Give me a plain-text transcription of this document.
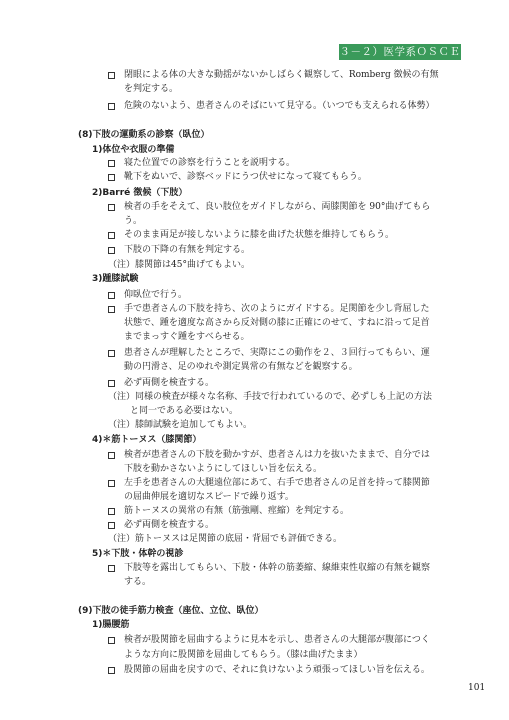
３－２）医学系ＯＳＣＥ
閉眼による体の大きな動揺がないかしばらく観察して、Romberg 徴候の有無
を判定する。
危険のないよう、患者さんのそばにいて見守る。（いつでも支えられる体勢）
(8)下肢の運動系の診察（臥位）
1)体位や衣服の準備
寝た位置での診察を行うことを説明する。
靴下をぬいで、診察ベッドにうつ伏せになって寝てもらう。
2)Barré 徴候（下肢）
検者の手をそえて、良い肢位をガイドしながら、両膝関節を 90°曲げてもら
う。
そのまま両足が接しないように膝を曲げた状態を維持してもらう。
下肢の下降の有無を判定する。
（注）膝関節は45°曲げてもよい。
3)踵膝試験
仰臥位で行う。
手で患者さんの下肢を持ち、次のようにガイドする。足関節を少し背屈した
状態で、踵を適度な高さから反対側の膝に正確にのせて、すねに沿って足首
までまっすぐ踵をすべらせる。
患者さんが理解したところで、実際にこの動作を２、３回行ってもらい、運
動の円滑さ、足のゆれや測定異常の有無などを観察する。
必ず両側を検査する。
（注）同様の検査が様々な名称、手技で行われているので、必ずしも上記の方法
と同一である必要はない。
（注）膝師試験を追加してもよい。
4)＊筋トーヌス（膝関節）
検者が患者さんの下肢を動かすが、患者さんは力を抜いたままで、自分では
下肢を動かさないようにしてほしい旨を伝える。
左手を患者さんの大腿遠位部にあて、右手で患者さんの足首を持って膝関節
の屈曲伸展を適切なスピードで繰り返す。
筋トーヌスの異常の有無（筋強剛、痙縮）を判定する。
必ず両側を検査する。
（注）筋トーヌスは足関節の底屈・背屈でも評価できる。
5)＊下肢・体幹の視診
下肢等を露出してもらい、下肢・体幹の筋萎縮、線維束性収縮の有無を観察
する。
(9)下肢の徒手筋力検査（座位、立位、臥位）
1)腸腰筋
検者が股関節を屈曲するように見本を示し、患者さんの大腿部が腹部につく
ような方向に股関節を屈曲してもらう。（膝は曲げたまま）
股関節の屈曲を戻すので、それに負けないよう頑張ってほしい旨を伝える。
101
